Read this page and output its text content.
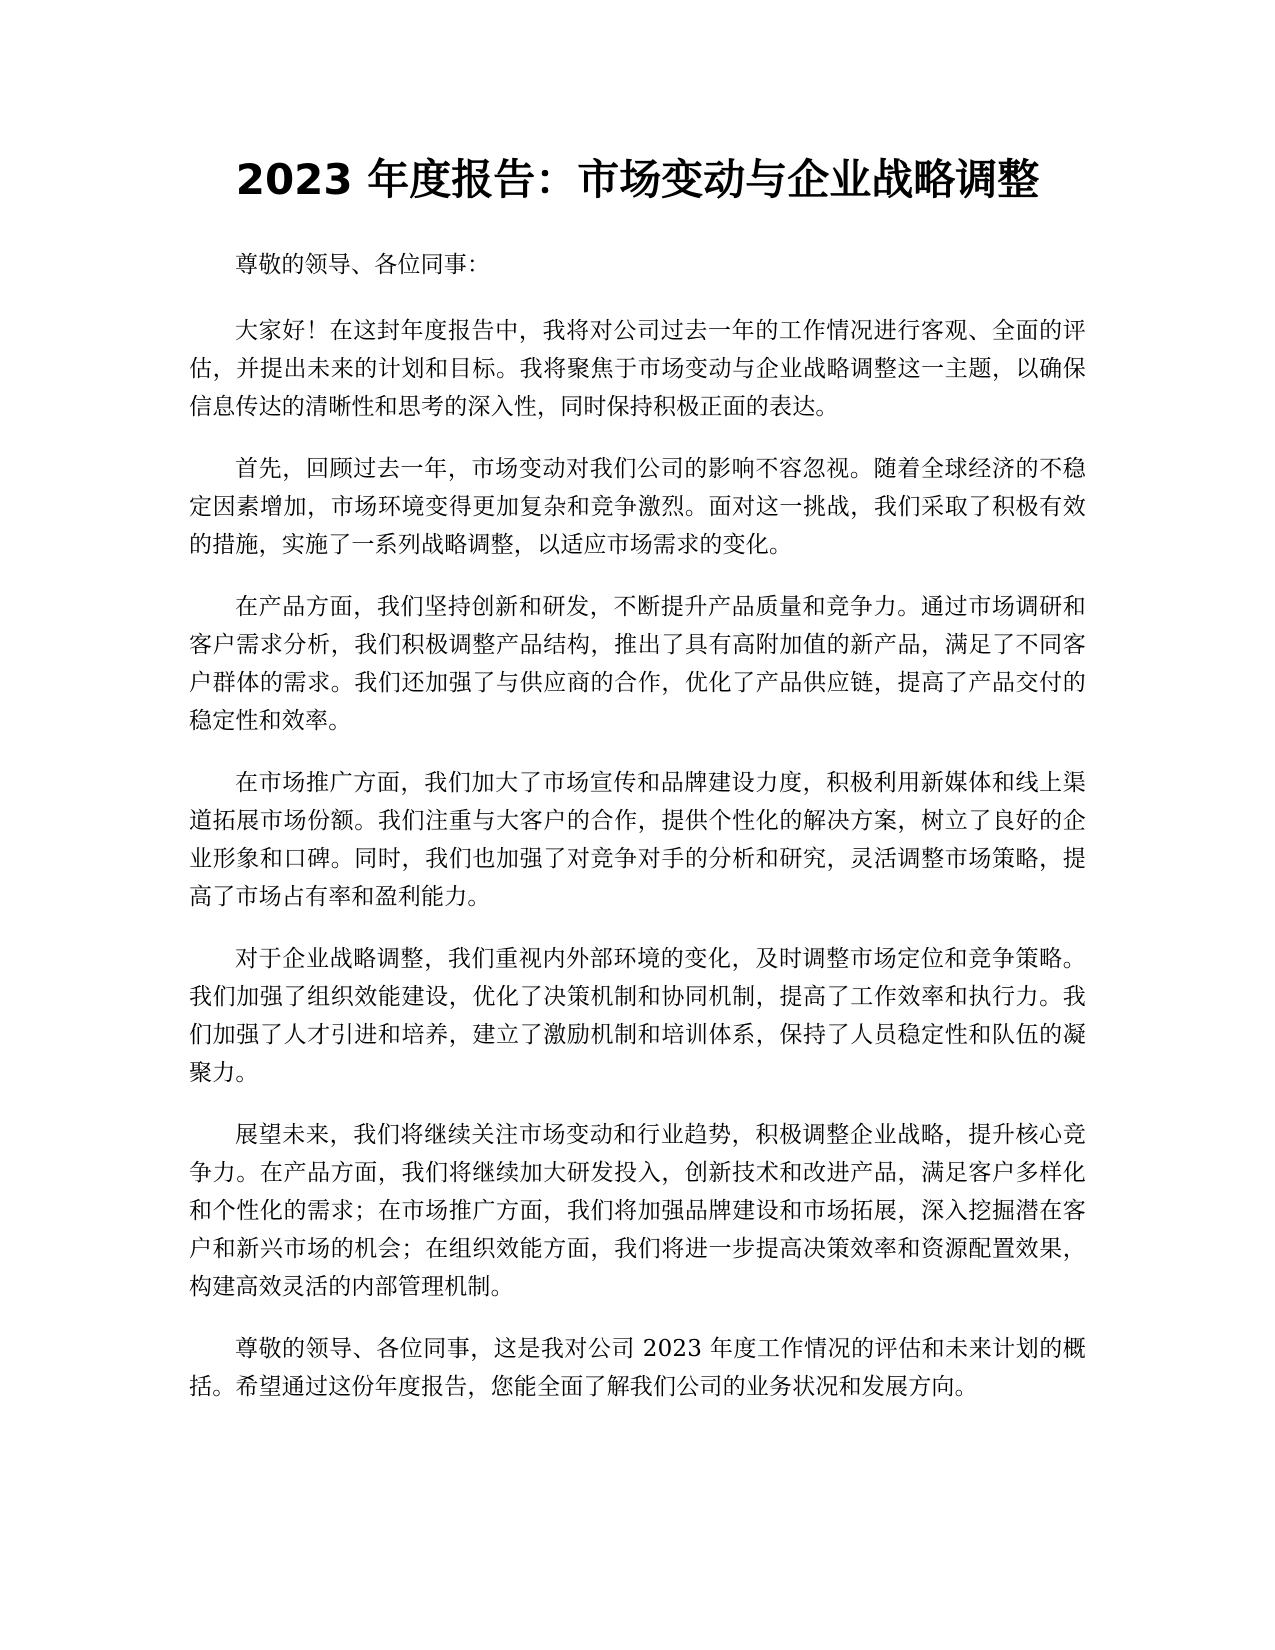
2023 年度报告：市场变动与企业战略调整

尊敬的领导、各位同事：

大家好！在这封年度报告中，我将对公司过去一年的工作情况进行客观、全面的评估，并提出未来的计划和目标。我将聚焦于市场变动与企业战略调整这一主题，以确保信息传达的清晰性和思考的深入性，同时保持积极正面的表达。

首先，回顾过去一年，市场变动对我们公司的影响不容忽视。随着全球经济的不稳定因素增加，市场环境变得更加复杂和竞争激烈。面对这一挑战，我们采取了积极有效的措施，实施了一系列战略调整，以适应市场需求的变化。

在产品方面，我们坚持创新和研发，不断提升产品质量和竞争力。通过市场调研和客户需求分析，我们积极调整产品结构，推出了具有高附加值的新产品，满足了不同客户群体的需求。我们还加强了与供应商的合作，优化了产品供应链，提高了产品交付的稳定性和效率。

在市场推广方面，我们加大了市场宣传和品牌建设力度，积极利用新媒体和线上渠道拓展市场份额。我们注重与大客户的合作，提供个性化的解决方案，树立了良好的企业形象和口碑。同时，我们也加强了对竞争对手的分析和研究，灵活调整市场策略，提高了市场占有率和盈利能力。

对于企业战略调整，我们重视内外部环境的变化，及时调整市场定位和竞争策略。我们加强了组织效能建设，优化了决策机制和协同机制，提高了工作效率和执行力。我们加强了人才引进和培养，建立了激励机制和培训体系，保持了人员稳定性和队伍的凝聚力。

展望未来，我们将继续关注市场变动和行业趋势，积极调整企业战略，提升核心竞争力。在产品方面，我们将继续加大研发投入，创新技术和改进产品，满足客户多样化和个性化的需求；在市场推广方面，我们将加强品牌建设和市场拓展，深入挖掘潜在客户和新兴市场的机会；在组织效能方面，我们将进一步提高决策效率和资源配置效果，构建高效灵活的内部管理机制。

尊敬的领导、各位同事，这是我对公司 2023 年度工作情况的评估和未来计划的概括。希望通过这份年度报告，您能全面了解我们公司的业务状况和发展方向。
